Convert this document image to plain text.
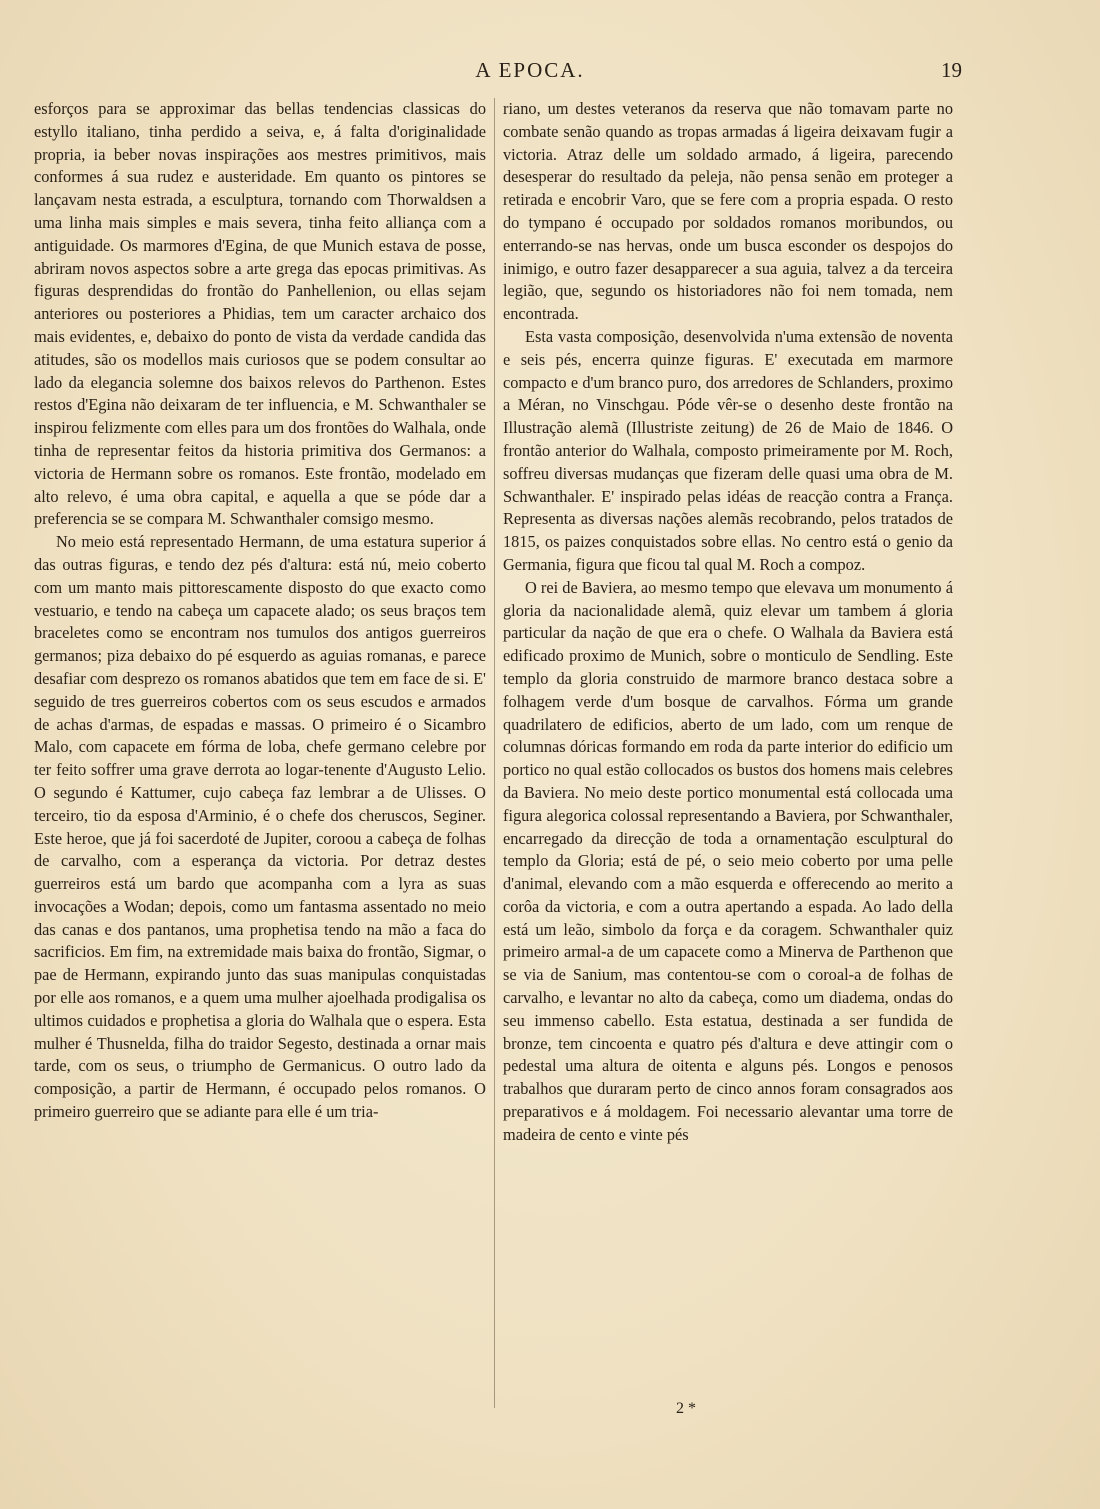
A EPOCA.	19

esforços para se approximar das bellas tendencias classicas do estyllo italiano, tinha perdido a seiva, e, á falta d'originalidade propria, ia beber novas inspirações aos mestres primitivos, mais conformes á sua rudez e austeridade. Em quanto os pintores se lançavam nesta estrada, a esculptura, tornando com Thorwaldsen a uma linha mais simples e mais severa, tinha feito alliança com a antiguidade. Os marmores d'Egina, de que Munich estava de posse, abriram novos aspectos sobre a arte grega das epocas primitivas. As figuras desprendidas do frontão do Panhellenion, ou ellas sejam anteriores ou posteriores a Phidias, tem um caracter archaico dos mais evidentes, e, debaixo do ponto de vista da verdade candida das atitudes, são os modellos mais curiosos que se podem consultar ao lado da elegancia solemne dos baixos relevos do Parthenon. Estes restos d'Egina não deixaram de ter influencia, e M. Schwanthaler se inspirou felizmente com elles para um dos frontões do Walhala, onde tinha de representar feitos da historia primitiva dos Germanos: a victoria de Hermann sobre os romanos. Este frontão, modelado em alto relevo, é uma obra capital, e aquella a que se póde dar a preferencia se se compara M. Schwanthaler comsigo mesmo.

No meio está representado Hermann, de uma estatura superior á das outras figuras, e tendo dez pés d'altura: está nú, meio coberto com um manto mais pittorescamente disposto do que exacto como vestuario, e tendo na cabeça um capacete alado; os seus braços tem braceletes como se encontram nos tumulos dos antigos guerreiros germanos; piza debaixo do pé esquerdo as aguias romanas, e parece desafiar com desprezo os romanos abatidos que tem em face de si. E' seguido de tres guerreiros cobertos com os seus escudos e armados de achas d'armas, de espadas e massas. O primeiro é o Sicambro Malo, com capacete em fórma de loba, chefe germano celebre por ter feito soffrer uma grave derrota ao logar-tenente d'Augusto Lelio. O segundo é Kattumer, cujo cabeça faz lembrar a de Ulisses. O terceiro, tio da esposa d'Arminio, é o chefe dos cheruscos, Seginer. Este heroe, que já foi sacerdoté de Jupiter, coroou a cabeça de folhas de carvalho, com a esperança da victoria. Por detraz destes guerreiros está um bardo que acompanha com a lyra as suas invocações a Wodan; depois, como um fantasma assentado no meio das canas e dos pantanos, uma prophetisa tendo na mão a faca do sacrificios. Em fim, na extremidade mais baixa do frontão, Sigmar, o pae de Hermann, expirando junto das suas manipulas conquistadas por elle aos romanos, e a quem uma mulher ajoelhada prodigalisa os ultimos cuidados e prophetisa a gloria do Walhala que o espera. Esta mulher é Thusnelda, filha do traidor Segesto, destinada a ornar mais tarde, com os seus, o triumpho de Germanicus. O outro lado da composição, a partir de Hermann, é occupado pelos romanos. O primeiro guerreiro que se adiante para elle é um tria-

riano, um destes veteranos da reserva que não tomavam parte no combate senão quando as tropas armadas á ligeira deixavam fugir a victoria. Atraz delle um soldado armado, á ligeira, parecendo desesperar do resultado da peleja, não pensa senão em proteger a retirada e encobrir Varo, que se fere com a propria espada. O resto do tympano é occupado por soldados romanos moribundos, ou enterrando-se nas hervas, onde um busca esconder os despojos do inimigo, e outro fazer desapparecer a sua aguia, talvez a da terceira legião, que, segundo os historiadores não foi nem tomada, nem encontrada.

Esta vasta composição, desenvolvida n'uma extensão de noventa e seis pés, encerra quinze figuras. E' executada em marmore compacto e d'um branco puro, dos arredores de Schlanders, proximo a Méran, no Vinschgau. Póde vêr-se o desenho deste frontão na Illustração alemã (Illustriste zeitung) de 26 de Maio de 1846. O frontão anterior do Walhala, composto primeiramente por M. Roch, soffreu diversas mudanças que fizeram delle quasi uma obra de M. Schwanthaler. E' inspirado pelas idéas de reacção contra a França. Representa as diversas nações alemãs recobrando, pelos tratados de 1815, os paizes conquistados sobre ellas. No centro está o genio da Germania, figura que ficou tal qual M. Roch a compoz.

O rei de Baviera, ao mesmo tempo que elevava um monumento á gloria da nacionalidade alemã, quiz elevar um tambem á gloria particular da nação de que era o chefe. O Walhala da Baviera está edificado proximo de Munich, sobre o monticulo de Sendling. Este templo da gloria construido de marmore branco destaca sobre a folhagem verde d'um bosque de carvalhos. Fórma um grande quadrilatero de edificios, aberto de um lado, com um renque de columnas dóricas formando em roda da parte interior do edificio um portico no qual estão collocados os bustos dos homens mais celebres da Baviera. No meio deste portico monumental está collocada uma figura alegorica colossal representando a Baviera, por Schwanthaler, encarregado da direcção de toda a ornamentação esculptural do templo da Gloria; está de pé, o seio meio coberto por uma pelle d'animal, elevando com a mão esquerda e offerecendo ao merito a corôa da victoria, e com a outra apertando a espada. Ao lado della está um leão, simbolo da força e da coragem. Schwanthaler quiz primeiro armal-a de um capacete como a Minerva de Parthenon que se via de Sanium, mas contentou-se com o coroal-a de folhas de carvalho, e levantar no alto da cabeça, como um diadema, ondas do seu immenso cabello. Esta estatua, destinada a ser fundida de bronze, tem cincoenta e quatro pés d'altura e deve attingir com o pedestal uma altura de oitenta e alguns pés. Longos e penosos trabalhos que duraram perto de cinco annos foram consagrados aos preparativos e á moldagem. Foi necessario alevantar uma torre de madeira de cento e vinte pés

2 *
